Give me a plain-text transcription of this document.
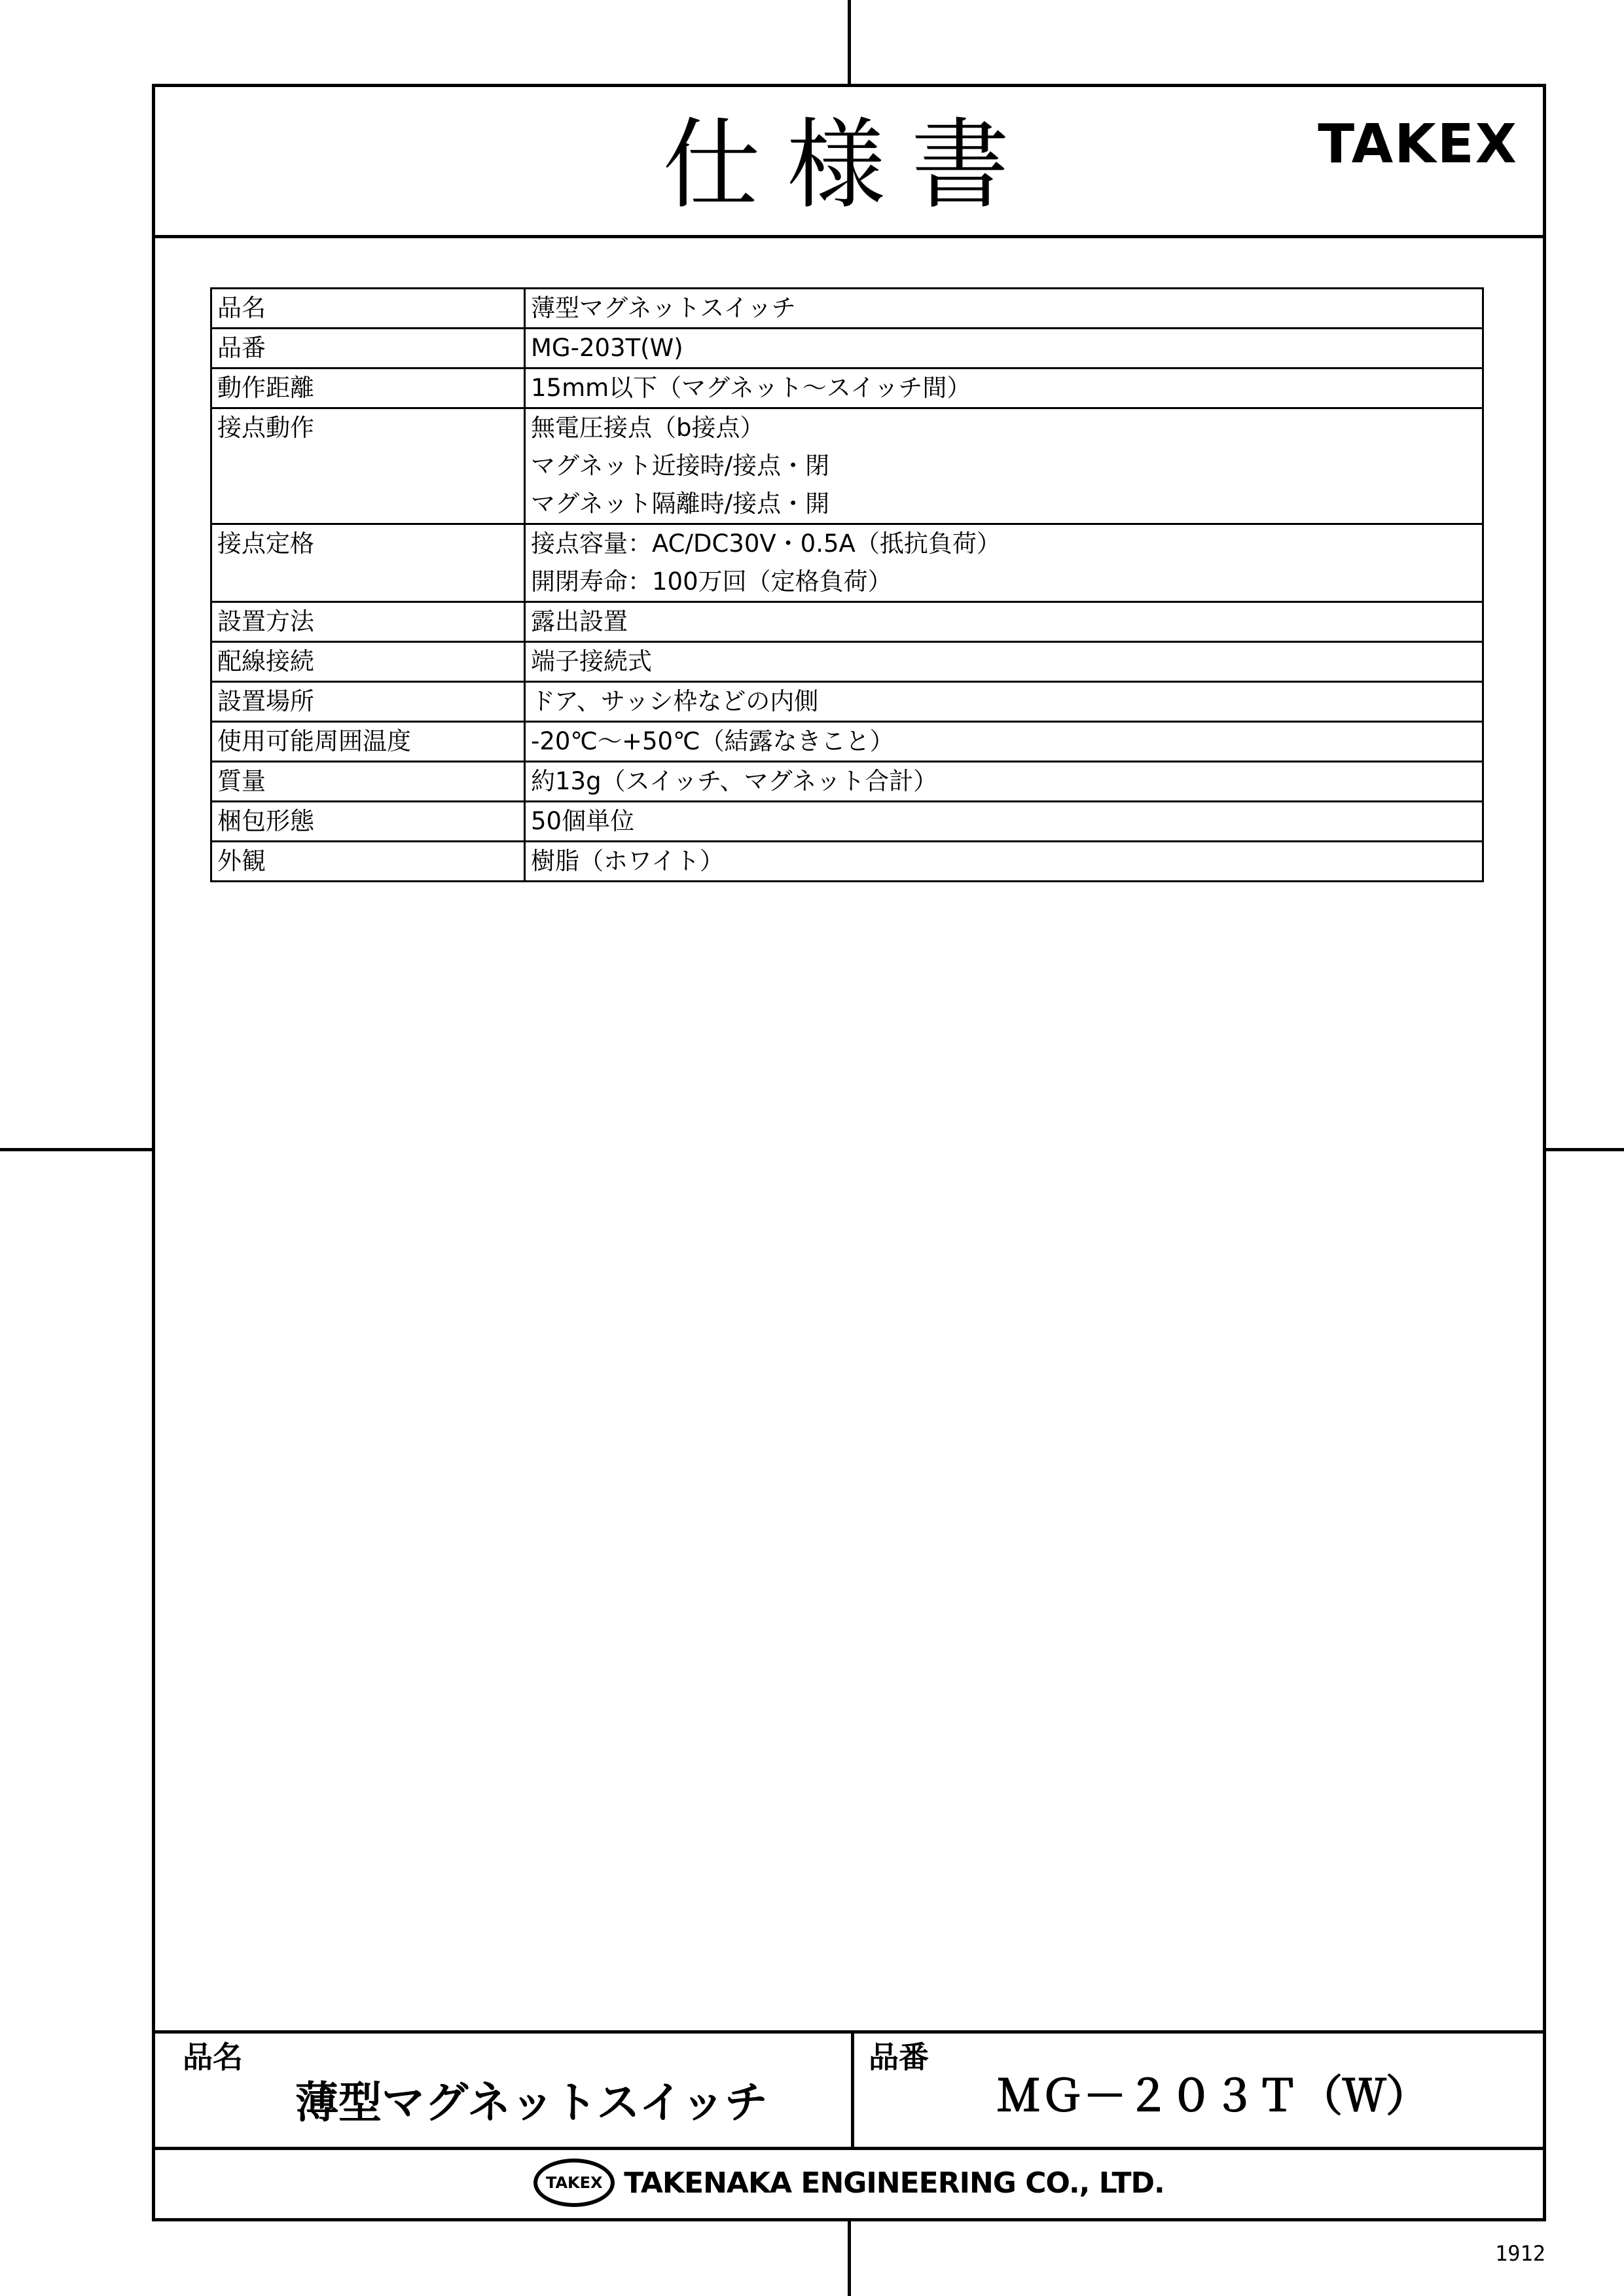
仕様書	TAKEX
品名	薄型マグネットスイッチ

品番	MG-203T(W)

動作距離	15mm以下（マグネット～スイッチ間）

接点動作	無電圧接点（b接点）
マグネット近接時/接点・閉
マグネット隔離時/接点・開

接点定格	接点容量：AC/DC30V・0.5A（抵抗負荷）
開閉寿命：100万回（定格負荷）

設置方法	露出設置

配線接続	端子接続式

設置場所	ドア、サッシ枠などの内側

使用可能周囲温度	-20℃～+50℃（結露なきこと）

質量	約13g（スイッチ、マグネット合計）

梱包形態	50個単位

外観	樹脂（ホワイト）
品名
薄型マグネットスイッチ
品番
ＭＧ－２０３Ｔ（Ｗ）
TAKEX TAKENAKA ENGINEERING CO., LTD.
1912
